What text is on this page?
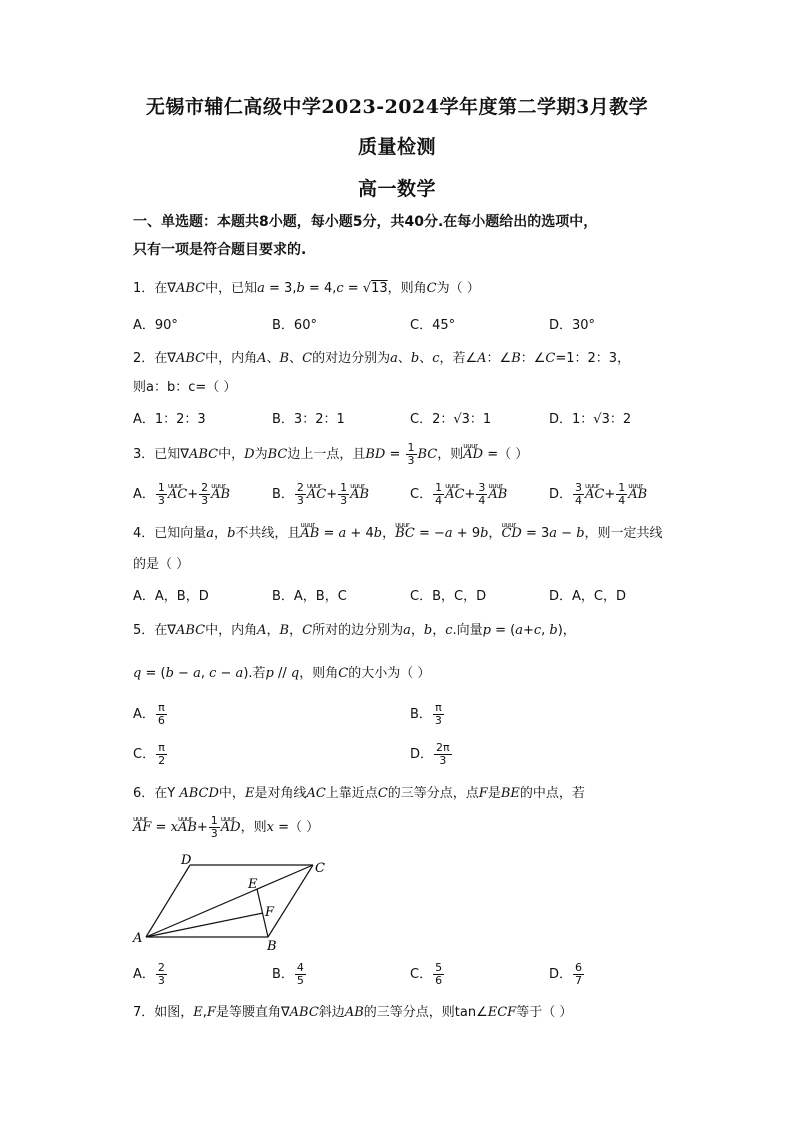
无锡市辅仁高级中学2023-2024学年度第二学期3月教学
质量检测
高一数学
一、单选题：本题共8小题，每小题5分，共40分.在每小题给出的选项中，
只有一项是符合题目要求的.
1．在∇ABC中，已知a = 3,b = 4,c = √13，则角C为（ ）
A．90°	B．60°	C．45°	D．30°
2．在∇ABC中，内角A、B、C的对边分别为a、b、c，若∠A：∠B：∠C=1：2：3，
则a：b：c=（ ）
A．1：2：3	B．3：2：1	C．2：√3：1	D．1：√3：2
3．已知∇ABC中，D为BC边上一点，且BD = $\frac{1}{3}$ BC，则uuur AD =（ ）
A． $\frac{1}{3}$ uuur $AC+ \frac{2}{3}$ uuur AB	B． $\frac{2}{3}$ uuur $AC+ \frac{1}{3}$ uuur AB	C． $\frac{1}{4}$ uuur $AC+ \frac{3}{4}$ uuur AB	D． $\frac{3}{4}$ uuur $AC+ \frac{1}{4}$ uuur AB
4．已知向量a，b不共线，且uuur AB = a + 4b，uuur BC = −a + 9b，uuur CD = 3a − b，则一定共线
的是（ ）
A．A，B，D	B．A，B，C	C．B，C，D	D．A，C，D
5．在∇ABC中，内角A，B，C所对的边分别为a，b，c.向量p = (a+c, b)，
q = (b − a, c − a).若p // q，则角C的大小为（ ）
A． $\frac{\pi}{6}$	B． $\frac{\pi}{3}$
C． $\frac{\pi}{2}$	D． $\frac{2\pi}{3}$
6．在Y ABCD中，E是对角线AC上靠近点C的三等分点，点F是BE的中点，若
uuur AF = xuuur $AB+ \frac{1}{3}$ uuur AD，则x =（ ）
D
C
E
F
A
B
A． $\frac{2}{3}$	B． $\frac{4}{5}$	C． $\frac{5}{6}$	D． $\frac{6}{7}$
7．如图，E,F是等腰直角∇ABC斜边AB的三等分点，则tan∠ECF等于（ ）
